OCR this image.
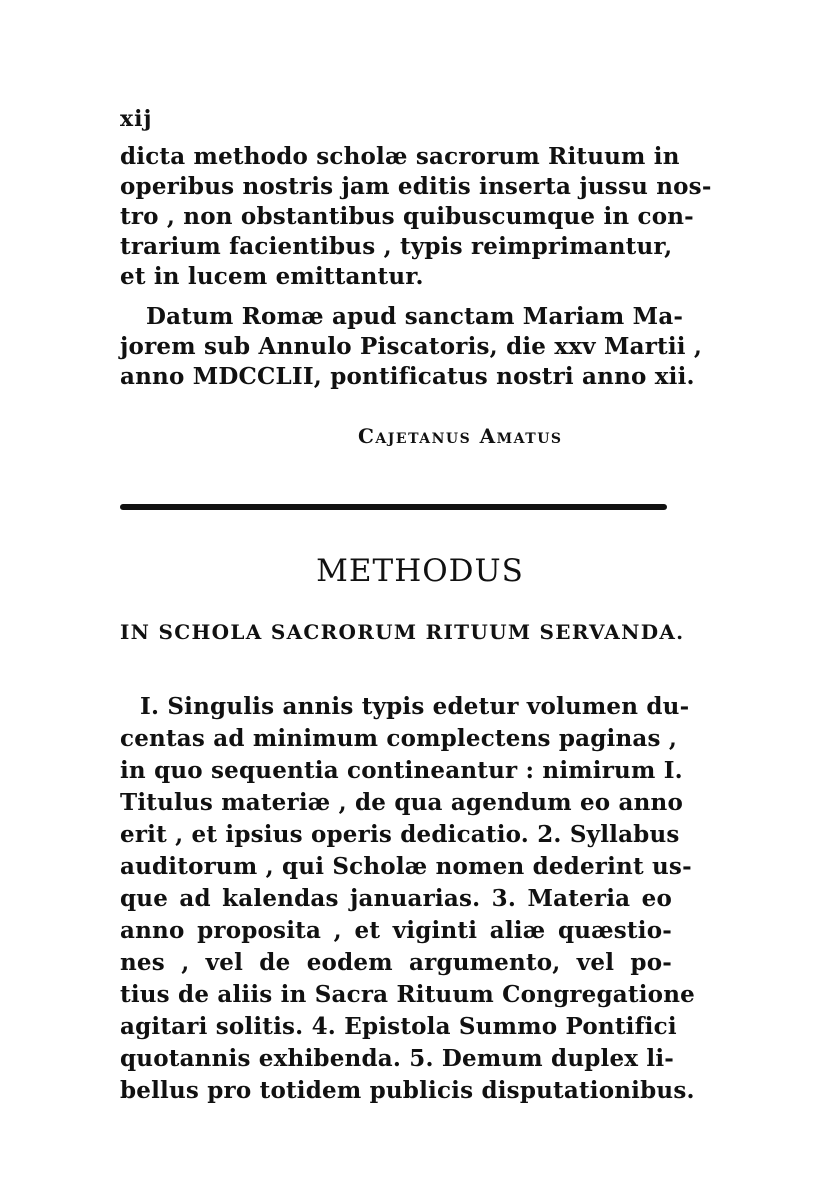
xij
dicta methodo scholæ sacrorum Rituum in
operibus nostris jam editis inserta jussu nos-
tro , non obstantibus quibuscumque in con-
trarium facientibus , typis reimprimantur,
et in lucem emittantur.
Datum Romæ apud sanctam Mariam Ma-
jorem sub Annulo Piscatoris, die xxv Martii ,
anno MDCCLII, pontificatus nostri anno xii.
Cajetanus Amatus
METHODUS
IN SCHOLA SACRORUM RITUUM SERVANDA.
I. Singulis annis typis edetur volumen du-
centas ad minimum complectens paginas ,
in quo sequentia contineantur : nimirum I.
Titulus materiæ , de qua agendum eo anno
erit , et ipsius operis dedicatio. 2. Syllabus
auditorum , qui Scholæ nomen dederint us-
que ad kalendas januarias. 3. Materia eo
anno proposita , et viginti aliæ quæstio-
nes , vel de eodem argumento, vel po-
tius de aliis in Sacra Rituum Congregatione
agitari solitis. 4. Epistola Summo Pontifici
quotannis exhibenda. 5. Demum duplex li-
bellus pro totidem publicis disputationibus.
